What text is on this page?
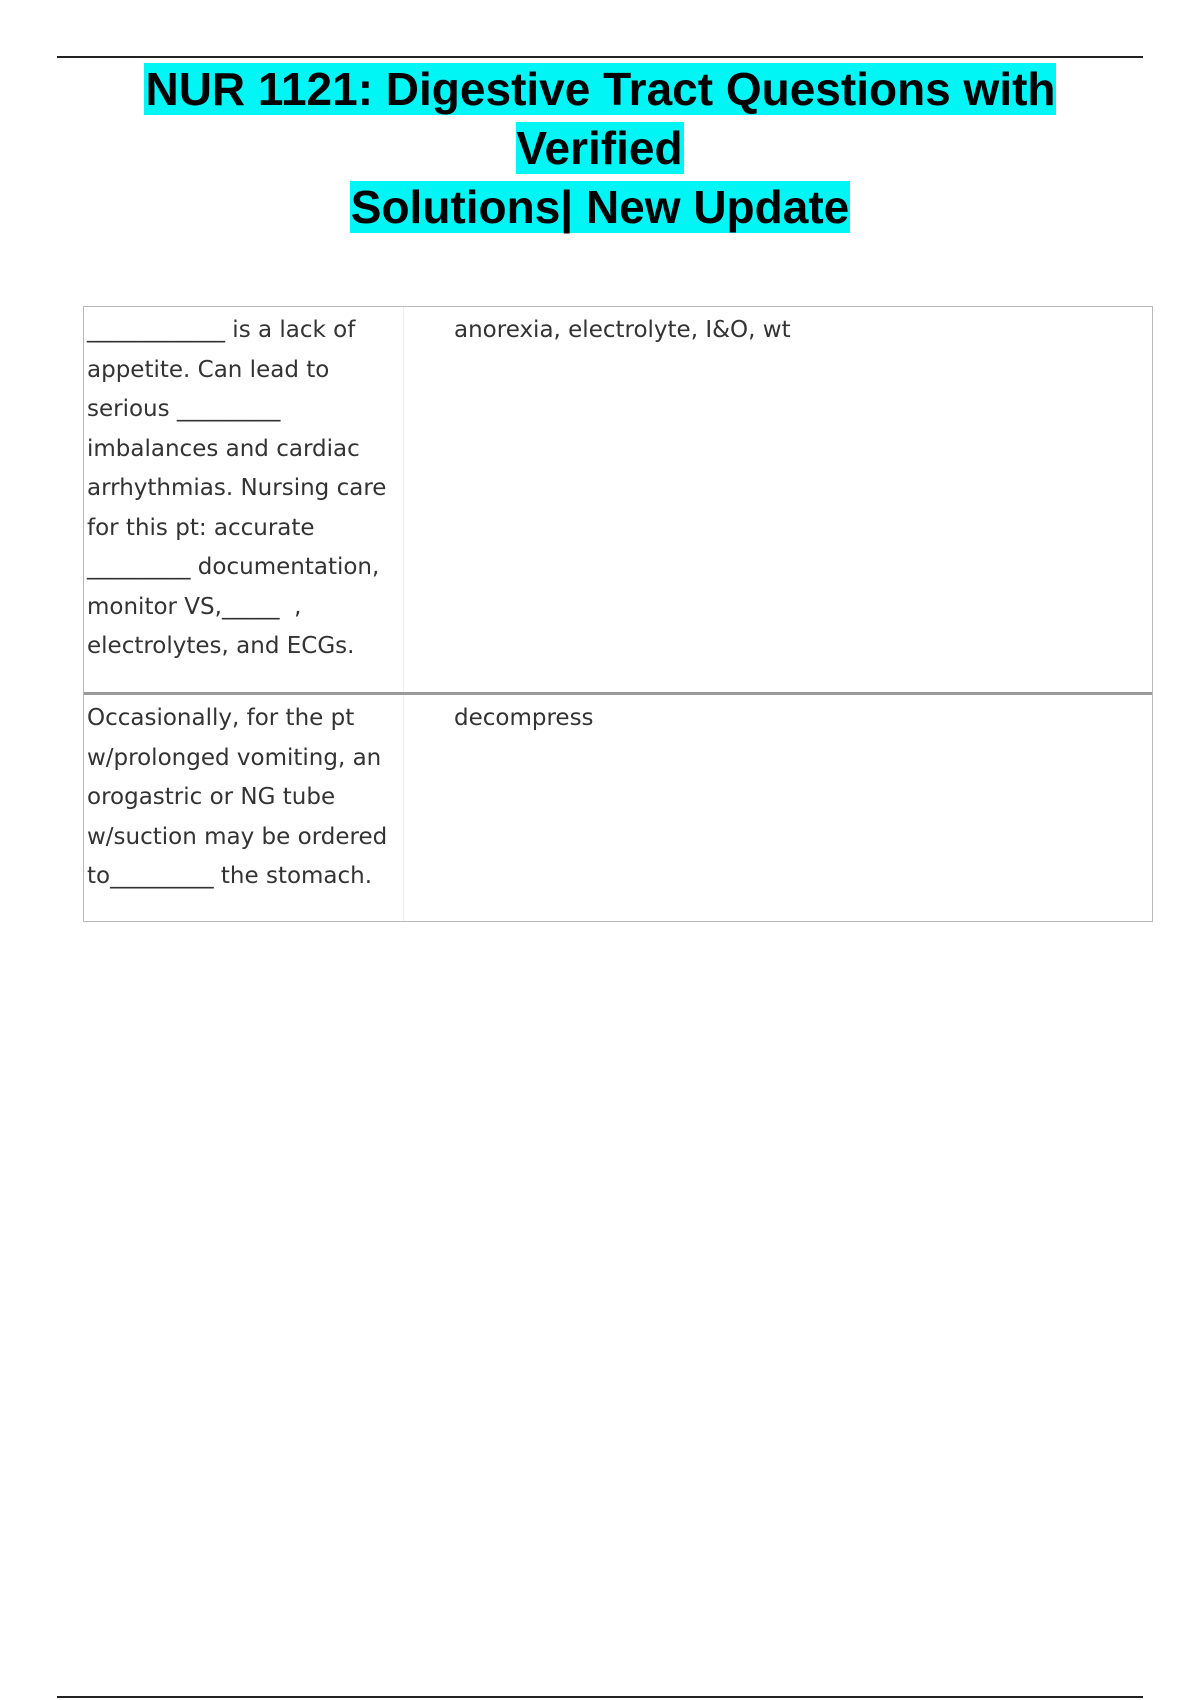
NUR 1121: Digestive Tract Questions with Verified
Solutions| New Update
____________ is a lack of
appetite. Can lead to
serious _________
imbalances and cardiac
arrhythmias. Nursing care
for this pt: accurate
_________ documentation,
monitor VS,_____  ,
electrolytes, and ECGs.
anorexia, electrolyte, I&O, wt
Occasionally, for the pt
w/prolonged vomiting, an
orogastric or NG tube
w/suction may be ordered
to_________ the stomach.
decompress
